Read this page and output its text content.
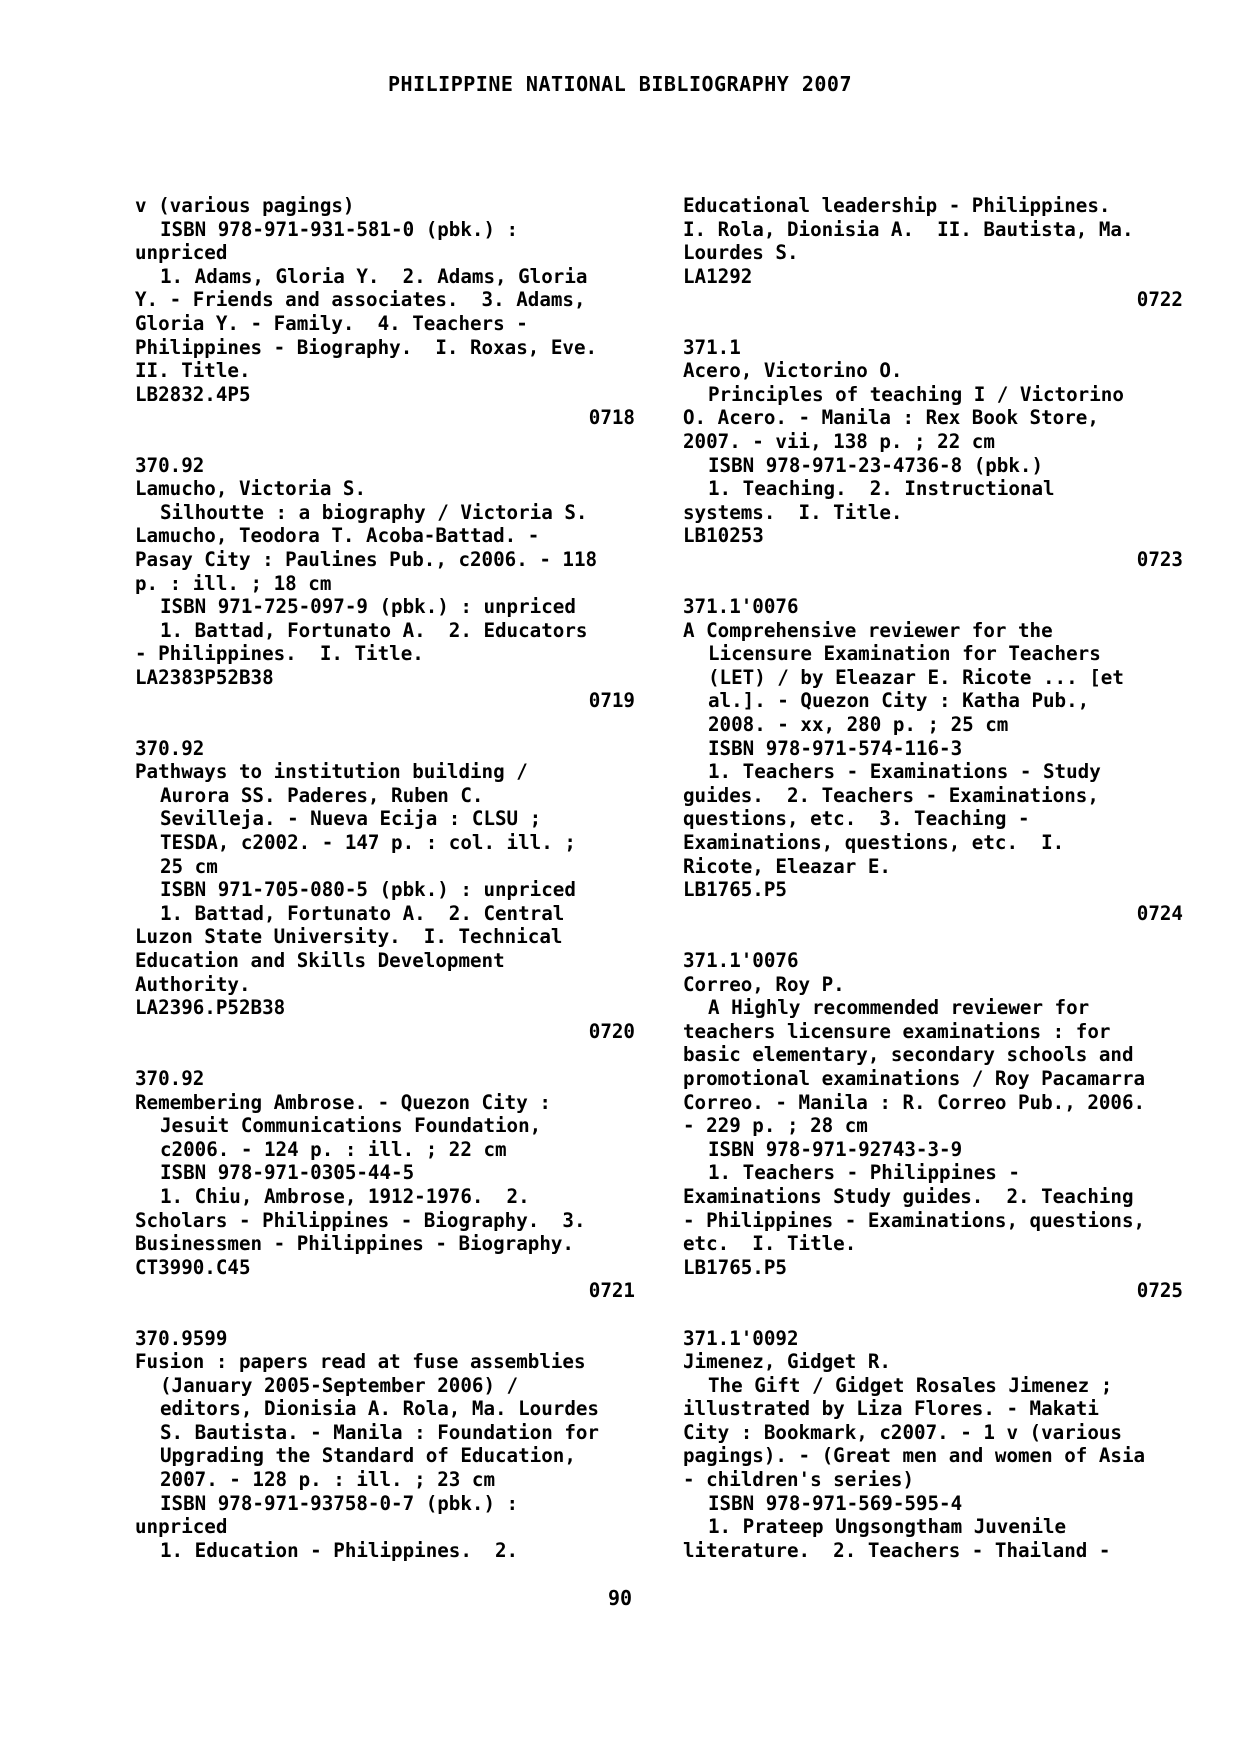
PHILIPPINE NATIONAL BIBLIOGRAPHY 2007
v (various pagings)
ISBN 978-971-931-581-0 (pbk.) :
unpriced
1. Adams, Gloria Y.  2. Adams, Gloria
Y. - Friends and associates.  3. Adams,
Gloria Y. - Family.  4. Teachers -
Philippines - Biography.  I. Roxas, Eve.
II. Title.
LB2832.4P5
0718
370.92
Lamucho, Victoria S.
Silhoutte : a biography / Victoria S.
Lamucho, Teodora T. Acoba-Battad. -
Pasay City : Paulines Pub., c2006. - 118
p. : ill. ; 18 cm
ISBN 971-725-097-9 (pbk.) : unpriced
1. Battad, Fortunato A.  2. Educators
- Philippines.  I. Title.
LA2383P52B38
0719
370.92
Pathways to institution building /
Aurora SS. Paderes, Ruben C.
Sevilleja. - Nueva Ecija : CLSU ;
TESDA, c2002. - 147 p. : col. ill. ;
25 cm
ISBN 971-705-080-5 (pbk.) : unpriced
1. Battad, Fortunato A.  2. Central
Luzon State University.  I. Technical
Education and Skills Development
Authority.
LA2396.P52B38
0720
370.92
Remembering Ambrose. - Quezon City :
Jesuit Communications Foundation,
c2006. - 124 p. : ill. ; 22 cm
ISBN 978-971-0305-44-5
1. Chiu, Ambrose, 1912-1976.  2.
Scholars - Philippines - Biography.  3.
Businessmen - Philippines - Biography.
CT3990.C45
0721
370.9599
Fusion : papers read at fuse assemblies
(January 2005-September 2006) /
editors, Dionisia A. Rola, Ma. Lourdes
S. Bautista. - Manila : Foundation for
Upgrading the Standard of Education,
2007. - 128 p. : ill. ; 23 cm
ISBN 978-971-93758-0-7 (pbk.) :
unpriced
1. Education - Philippines.  2.
Educational leadership - Philippines.
I. Rola, Dionisia A.  II. Bautista, Ma.
Lourdes S.
LA1292
0722
371.1
Acero, Victorino O.
Principles of teaching I / Victorino
O. Acero. - Manila : Rex Book Store,
2007. - vii, 138 p. ; 22 cm
ISBN 978-971-23-4736-8 (pbk.)
1. Teaching.  2. Instructional
systems.  I. Title.
LB10253
0723
371.1'0076
A Comprehensive reviewer for the
Licensure Examination for Teachers
(LET) / by Eleazar E. Ricote ... [et
al.]. - Quezon City : Katha Pub.,
2008. - xx, 280 p. ; 25 cm
ISBN 978-971-574-116-3
1. Teachers - Examinations - Study
guides.  2. Teachers - Examinations,
questions, etc.  3. Teaching -
Examinations, questions, etc.  I.
Ricote, Eleazar E.
LB1765.P5
0724
371.1'0076
Correo, Roy P.
A Highly recommended reviewer for
teachers licensure examinations : for
basic elementary, secondary schools and
promotional examinations / Roy Pacamarra
Correo. - Manila : R. Correo Pub., 2006.
- 229 p. ; 28 cm
ISBN 978-971-92743-3-9
1. Teachers - Philippines -
Examinations Study guides.  2. Teaching
- Philippines - Examinations, questions,
etc.  I. Title.
LB1765.P5
0725
371.1'0092
Jimenez, Gidget R.
The Gift / Gidget Rosales Jimenez ;
illustrated by Liza Flores. - Makati
City : Bookmark, c2007. - 1 v (various
pagings). - (Great men and women of Asia
- children's series)
ISBN 978-971-569-595-4
1. Prateep Ungsongtham Juvenile
literature.  2. Teachers - Thailand -
90
